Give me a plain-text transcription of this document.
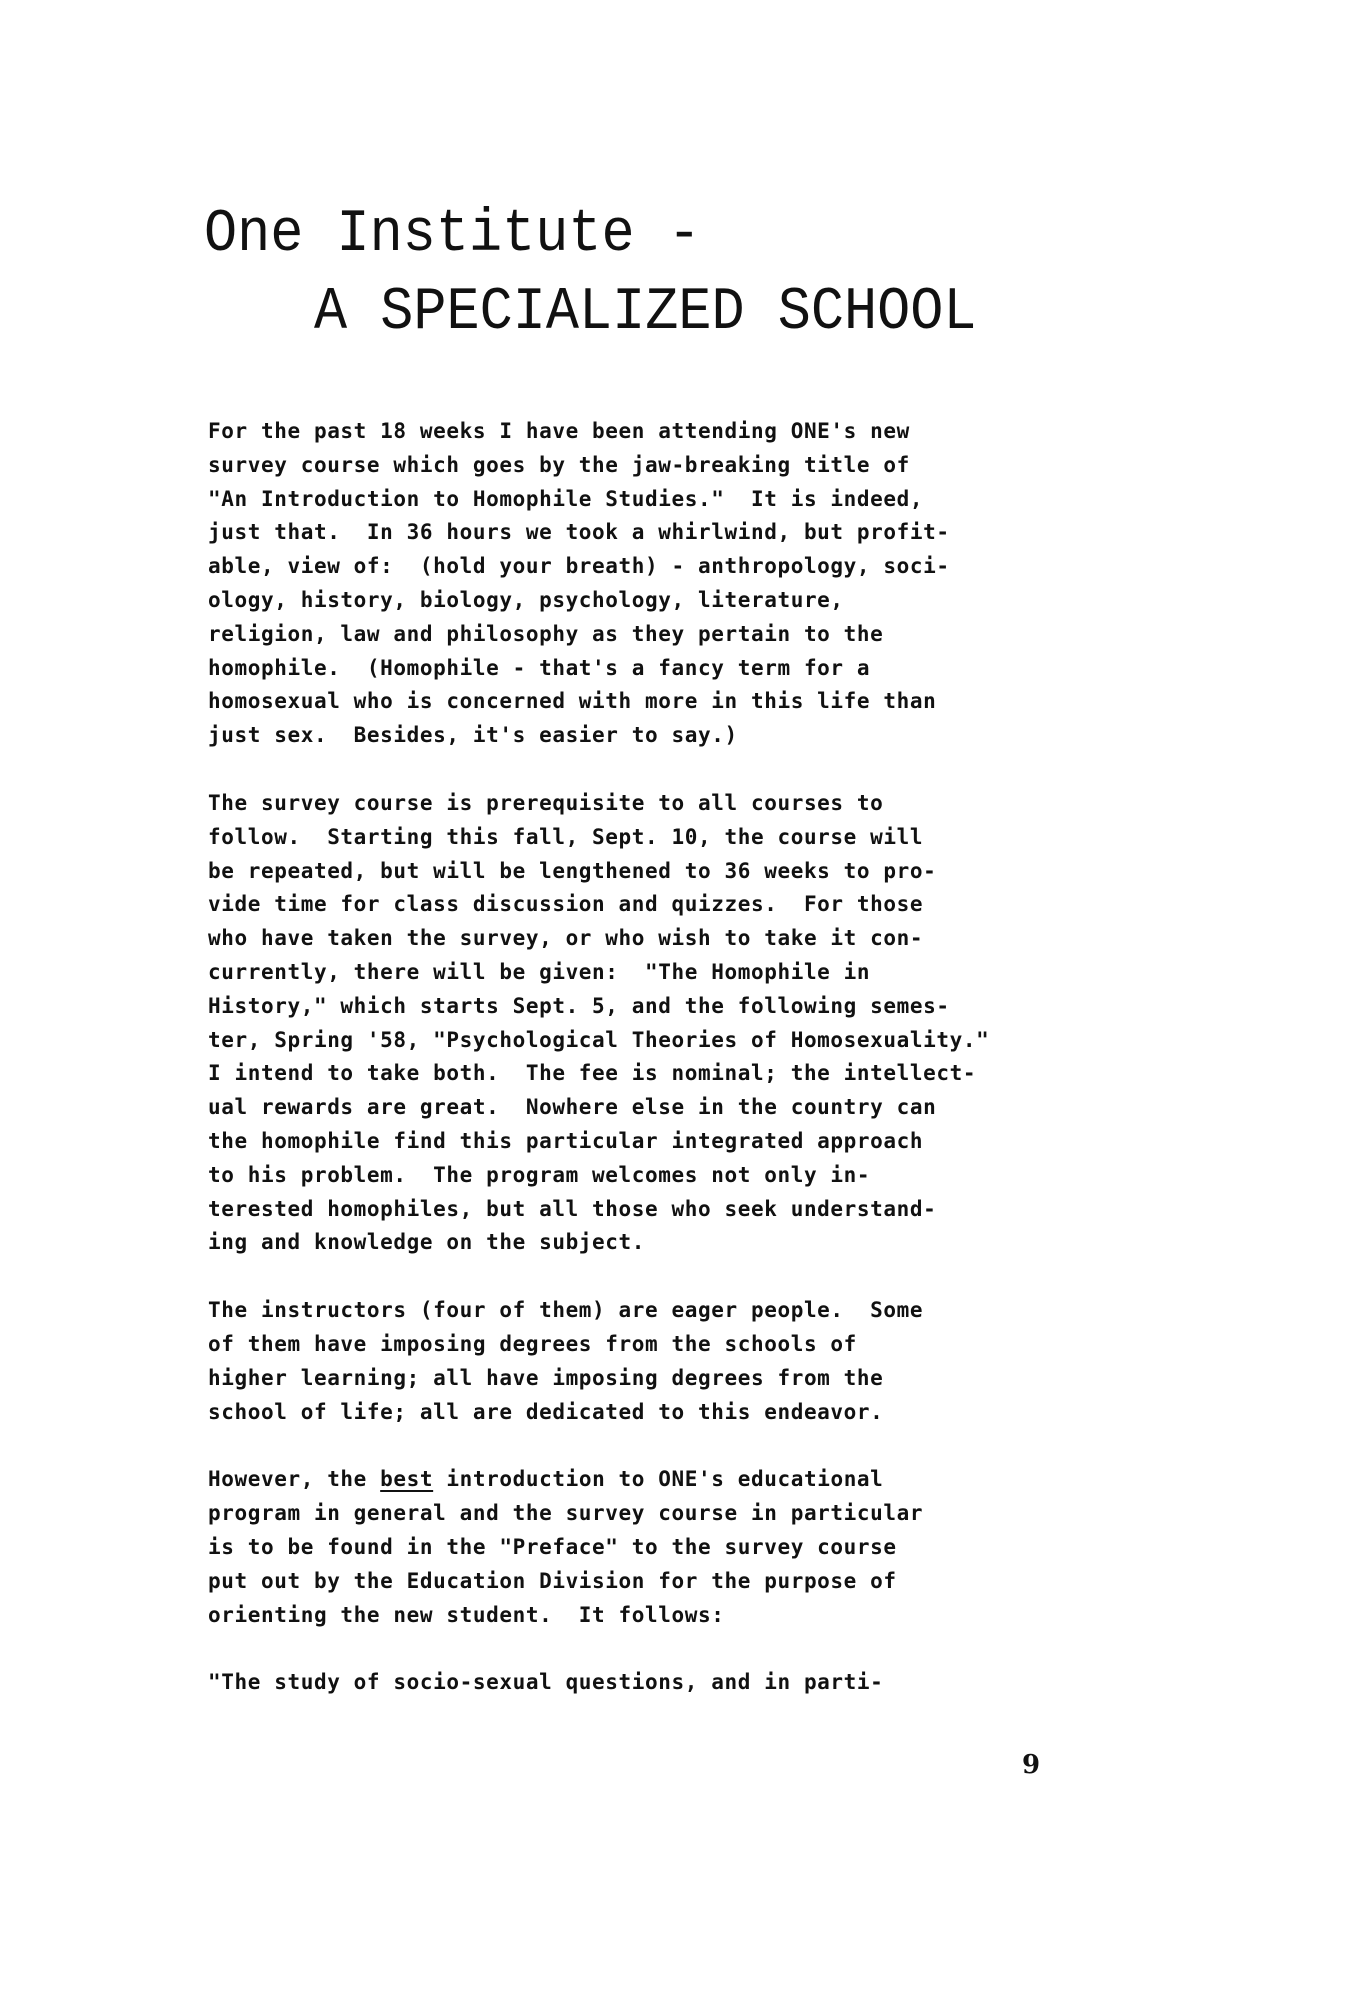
One Institute -
A SPECIALIZED SCHOOL
For the past 18 weeks I have been attending ONE's new
survey course which goes by the jaw-breaking title of
"An Introduction to Homophile Studies."  It is indeed,
just that.  In 36 hours we took a whirlwind, but profit-
able, view of:  (hold your breath) - anthropology, soci-
ology, history, biology, psychology, literature,
religion, law and philosophy as they pertain to the
homophile.  (Homophile - that's a fancy term for a
homosexual who is concerned with more in this life than
just sex.  Besides, it's easier to say.)
The survey course is prerequisite to all courses to
follow.  Starting this fall, Sept. 10, the course will
be repeated, but will be lengthened to 36 weeks to pro-
vide time for class discussion and quizzes.  For those
who have taken the survey, or who wish to take it con-
currently, there will be given:  "The Homophile in
History," which starts Sept. 5, and the following semes-
ter, Spring '58, "Psychological Theories of Homosexuality."
I intend to take both.  The fee is nominal; the intellect-
ual rewards are great.  Nowhere else in the country can
the homophile find this particular integrated approach
to his problem.  The program welcomes not only in-
terested homophiles, but all those who seek understand-
ing and knowledge on the subject.
The instructors (four of them) are eager people.  Some
of them have imposing degrees from the schools of
higher learning; all have imposing degrees from the
school of life; all are dedicated to this endeavor.
However, the best introduction to ONE's educational
program in general and the survey course in particular
is to be found in the "Preface" to the survey course
put out by the Education Division for the purpose of
orienting the new student.  It follows:
"The study of socio-sexual questions, and in parti-
9
